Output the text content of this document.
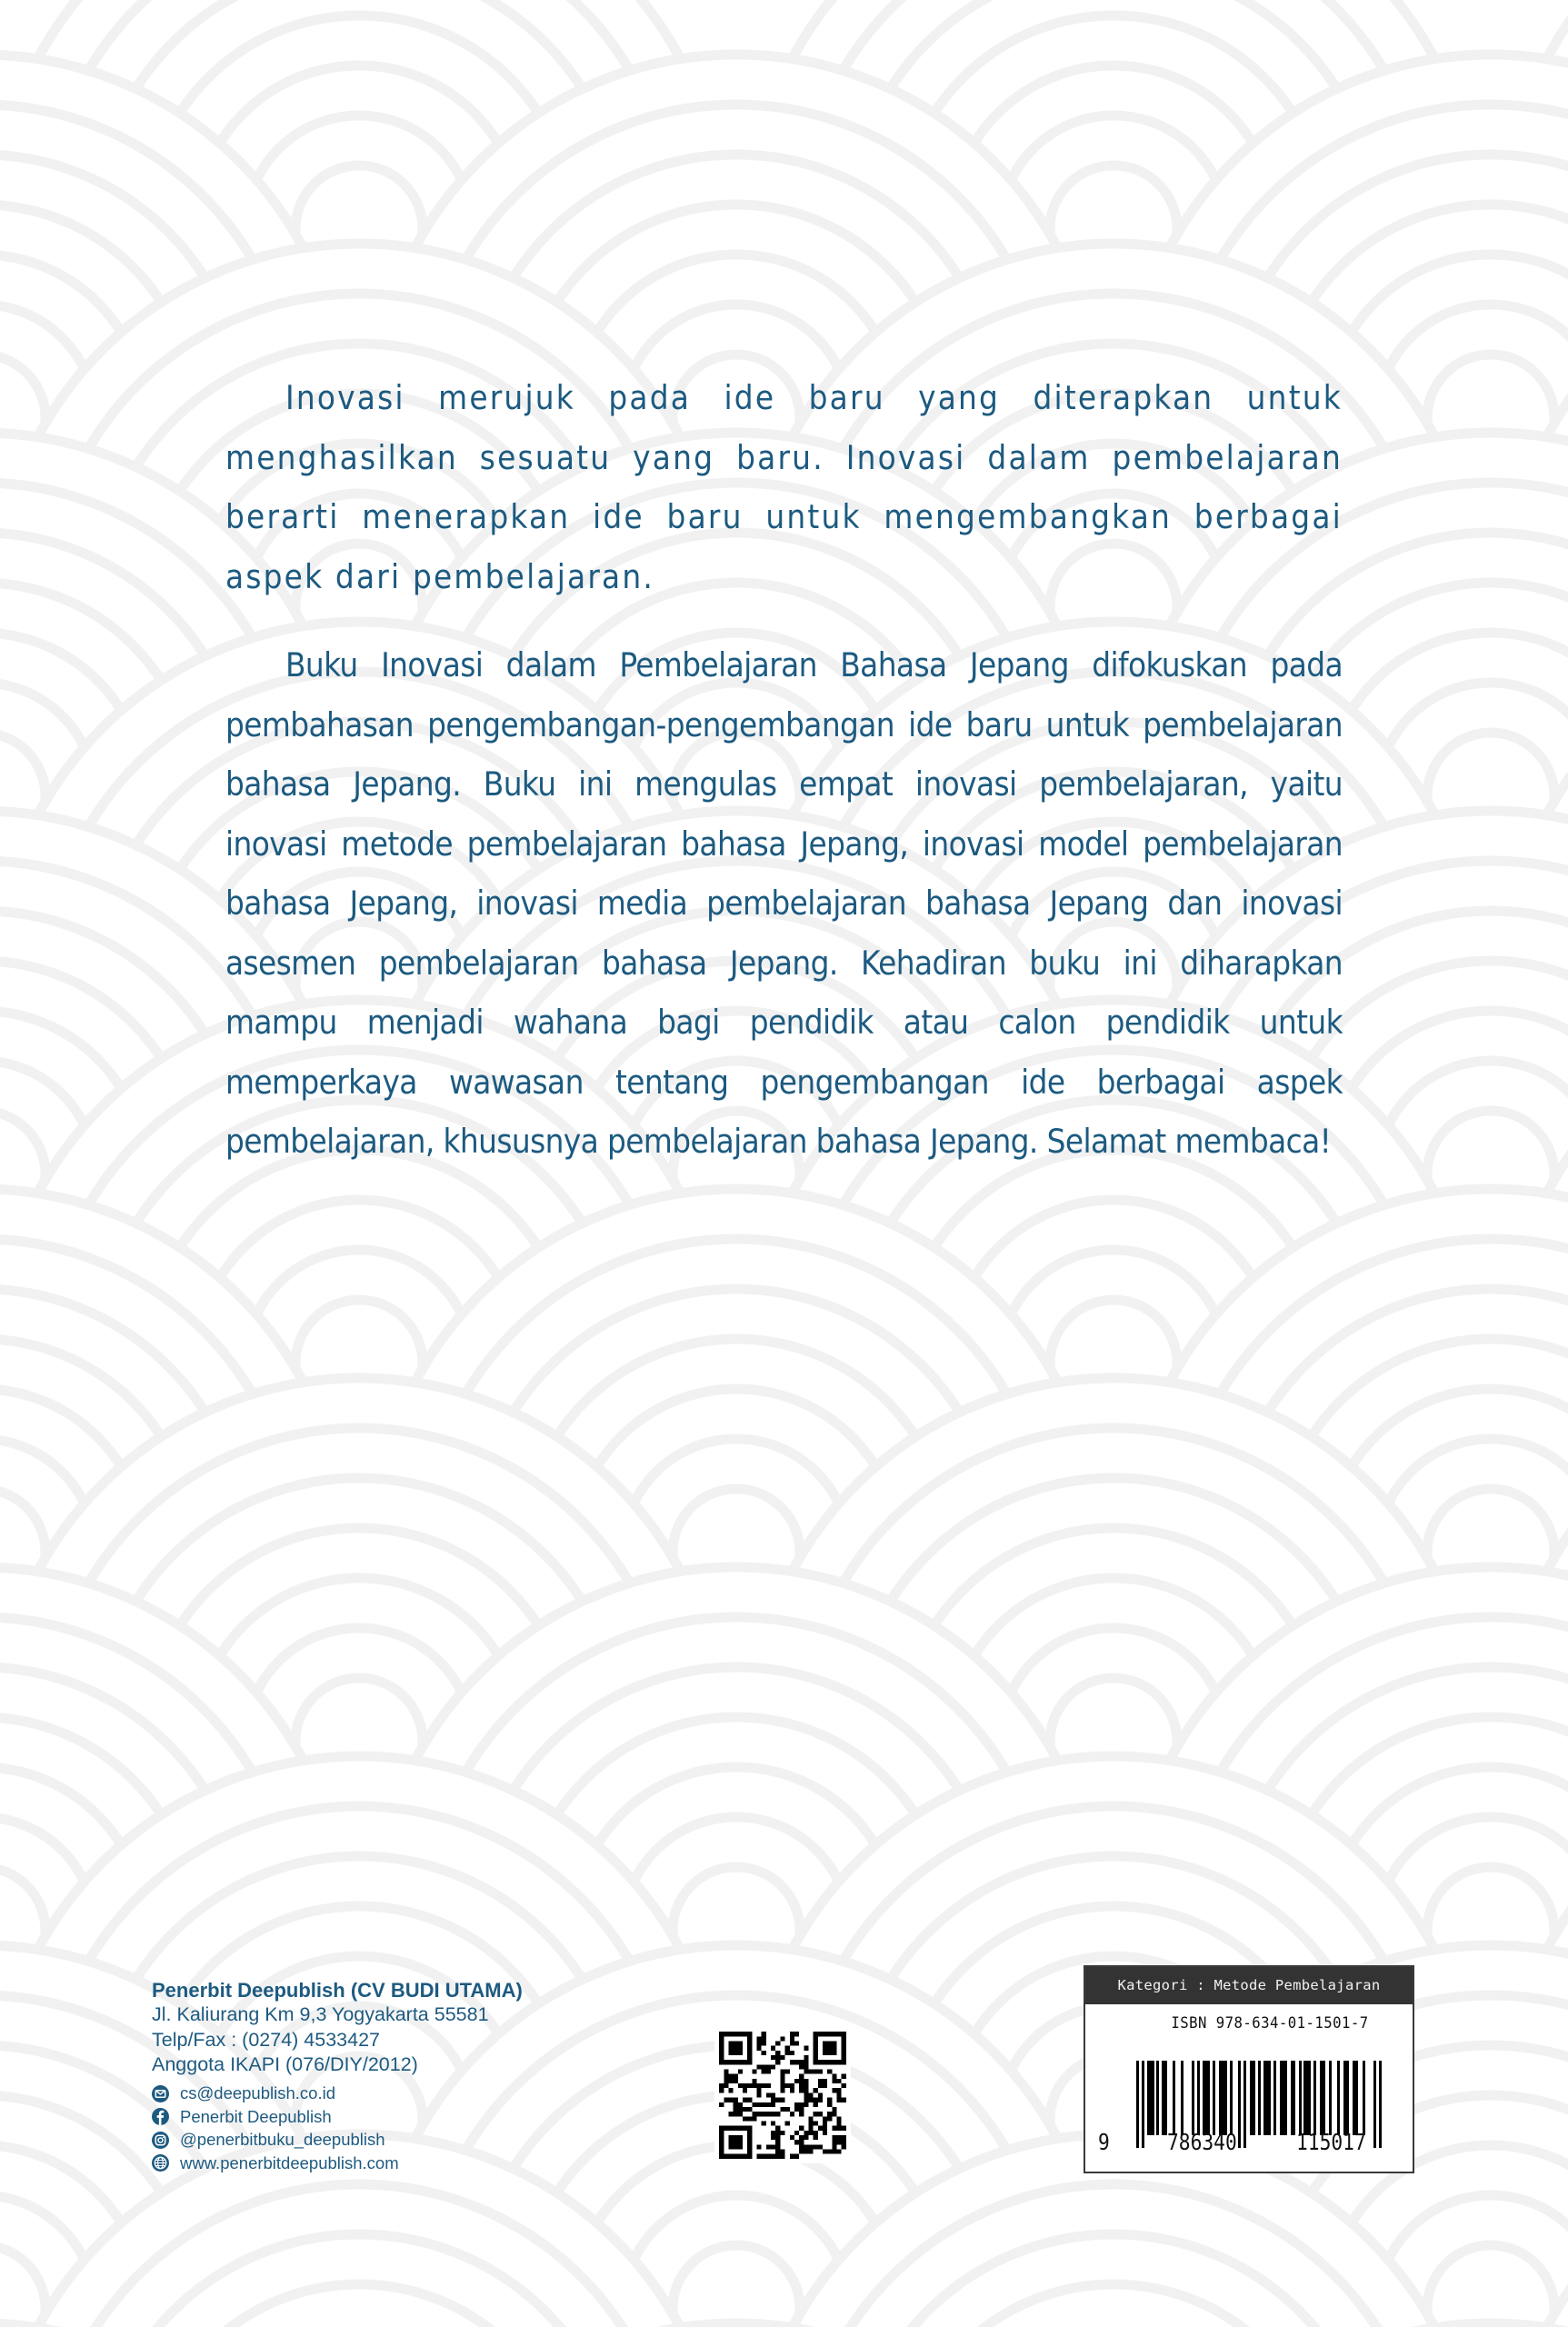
Inovasi merujuk pada ide baru yang diterapkan untuk menghasilkan sesuatu yang baru. Inovasi dalam pembelajaran berarti menerapkan ide baru untuk mengembangkan berbagai aspek dari pembelajaran.

Buku Inovasi dalam Pembelajaran Bahasa Jepang difokuskan pada pembahasan pengembangan-pengembangan ide baru untuk pembelajaran bahasa Jepang. Buku ini mengulas empat inovasi pembelajaran, yaitu inovasi metode pembelajaran bahasa Jepang, inovasi model pembelajaran bahasa Jepang, inovasi media pembelajaran bahasa Jepang dan inovasi asesmen pembelajaran bahasa Jepang. Kehadiran buku ini diharapkan mampu menjadi wahana bagi pendidik atau calon pendidik untuk memperkaya wawasan tentang pengembangan ide berbagai aspek pembelajaran, khususnya pembelajaran bahasa Jepang. Selamat membaca!

Penerbit Deepublish (CV BUDI UTAMA)
Jl. Kaliurang Km 9,3 Yogyakarta 55581
Telp/Fax : (0274) 4533427
Anggota IKAPI (076/DIY/2012)
cs@deepublish.co.id
Penerbit Deepublish
@penerbitbuku_deepublish
www.penerbitdeepublish.com
Kategori : Metode Pembelajaran
ISBN 978-634-01-1501-7
9	786340	115017
